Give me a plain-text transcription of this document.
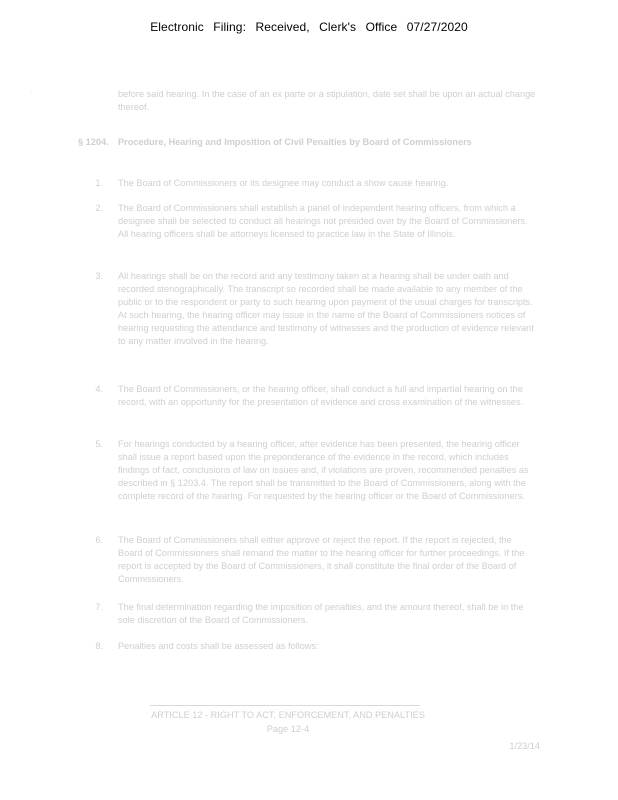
Electronic Filing: Received, Clerk's Office 07/27/2020
·	before said hearing. In the case of an ex parte or a stipulation, date set shall be upon an actual change thereof.
§ 1204. Procedure, Hearing and Imposition of Civil Penalties by Board of Commissioners
1. The Board of Commissioners or its designee may conduct a show cause hearing.
2. The Board of Commissioners shall establish a panel of independent hearing officers, from which a designee shall be selected to conduct all hearings not presided over by the Board of Commissioners. All hearing officers shall be attorneys licensed to practice law in the State of Illinois.
3. All hearings shall be on the record and any testimony taken at a hearing shall be under oath and recorded stenographically. The transcript so recorded shall be made available to any member of the public or to the respondent or party to such hearing upon payment of the usual charges for transcripts. At such hearing, the hearing officer may issue in the name of the Board of Commissioners notices of hearing requesting the attendance and testimony of witnesses and the production of evidence relevant to any matter involved in the hearing.
4. The Board of Commissioners, or the hearing officer, shall conduct a full and impartial hearing on the record, with an opportunity for the presentation of evidence and cross examination of the witnesses.
5. For hearings conducted by a hearing officer, after evidence has been presented, the hearing officer shall issue a report based upon the preponderance of the evidence in the record, which includes findings of fact, conclusions of law on issues and, if violations are proven, recommended penalties as described in § 1203.4. The report shall be transmitted to the Board of Commissioners, along with the complete record of the hearing. For requested by the hearing officer or the Board of Commissioners.
6. The Board of Commissioners shall either approve or reject the report. If the report is rejected, the Board of Commissioners shall remand the matter to the hearing officer for further proceedings. If the report is accepted by the Board of Commissioners, it shall constitute the final order of the Board of Commissioners.
7. The final determination regarding the imposition of penalties, and the amount thereof, shall be in the sole discretion of the Board of Commissioners.
8. Penalties and costs shall be assessed as follows:
ARTICLE 12 - RIGHT TO ACT, ENFORCEMENT, AND PENALTIES
Page 12-4
1/23/14
